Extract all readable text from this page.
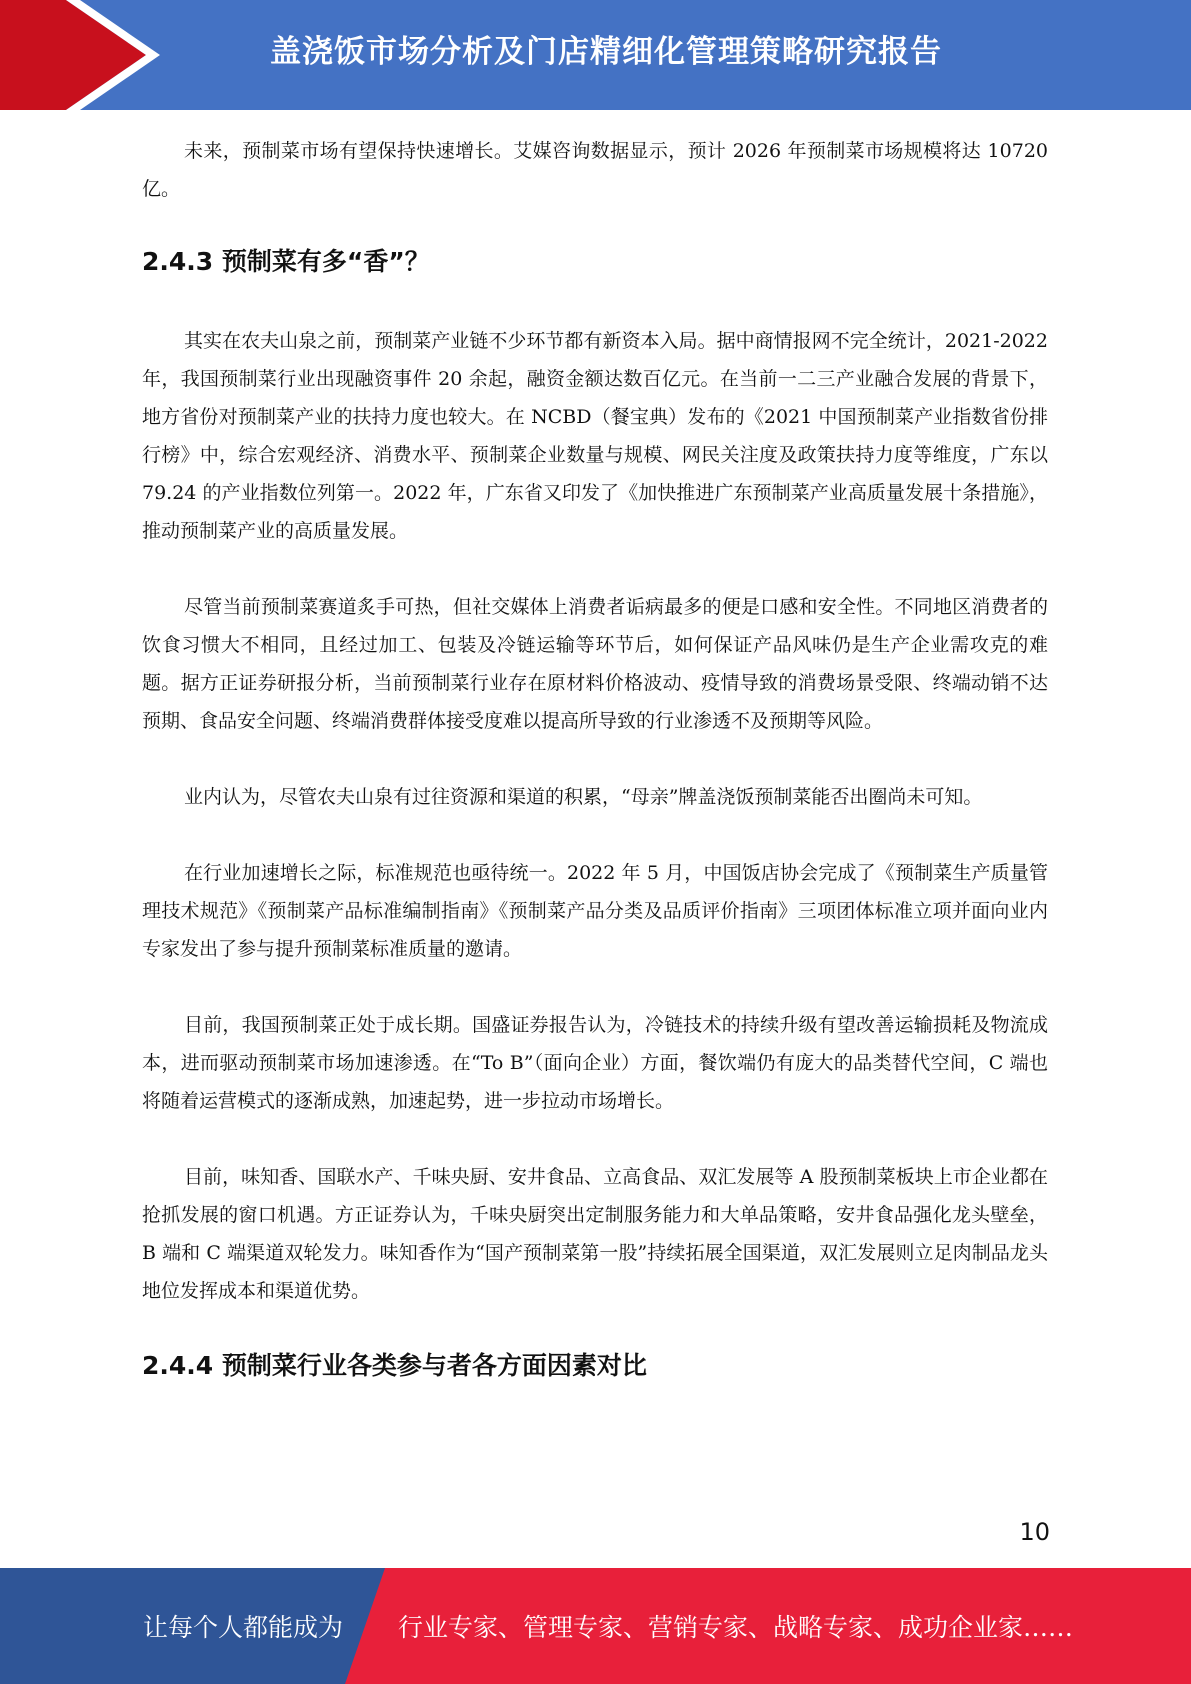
盖浇饭市场分析及门店精细化管理策略研究报告

未来，预制菜市场有望保持快速增长。艾媒咨询数据显示，预计 2026 年预制菜市场规模将达 10720 亿。

2.4.3 预制菜有多“香”？

其实在农夫山泉之前，预制菜产业链不少环节都有新资本入局。据中商情报网不完全统计，2021-2022 年，我国预制菜行业出现融资事件 20 余起，融资金额达数百亿元。在当前一二三产业融合发展的背景下，地方省份对预制菜产业的扶持力度也较大。在 NCBD（餐宝典）发布的《2021 中国预制菜产业指数省份排行榜》中，综合宏观经济、消费水平、预制菜企业数量与规模、网民关注度及政策扶持力度等维度，广东以 79.24 的产业指数位列第一。2022 年，广东省又印发了《加快推进广东预制菜产业高质量发展十条措施》，推动预制菜产业的高质量发展。

尽管当前预制菜赛道炙手可热，但社交媒体上消费者诟病最多的便是口感和安全性。不同地区消费者的饮食习惯大不相同，且经过加工、包装及冷链运输等环节后，如何保证产品风味仍是生产企业需攻克的难题。据方正证券研报分析，当前预制菜行业存在原材料价格波动、疫情导致的消费场景受限、终端动销不达预期、食品安全问题、终端消费群体接受度难以提高所导致的行业渗透不及预期等风险。

业内认为，尽管农夫山泉有过往资源和渠道的积累，“母亲”牌盖浇饭预制菜能否出圈尚未可知。

在行业加速增长之际，标准规范也亟待统一。2022 年 5 月，中国饭店协会完成了《预制菜生产质量管理技术规范》《预制菜产品标准编制指南》《预制菜产品分类及品质评价指南》三项团体标准立项并面向业内专家发出了参与提升预制菜标准质量的邀请。

目前，我国预制菜正处于成长期。国盛证券报告认为，冷链技术的持续升级有望改善运输损耗及物流成本，进而驱动预制菜市场加速渗透。在“To B”（面向企业）方面，餐饮端仍有庞大的品类替代空间，C 端也将随着运营模式的逐渐成熟，加速起势，进一步拉动市场增长。

目前，味知香、国联水产、千味央厨、安井食品、立高食品、双汇发展等 A 股预制菜板块上市企业都在抢抓发展的窗口机遇。方正证券认为，千味央厨突出定制服务能力和大单品策略，安井食品强化龙头壁垒，B 端和 C 端渠道双轮发力。味知香作为“国产预制菜第一股”持续拓展全国渠道，双汇发展则立足肉制品龙头地位发挥成本和渠道优势。

2.4.4 预制菜行业各类参与者各方面因素对比
10
让每个人都能成为 行业专家、管理专家、营销专家、战略专家、成功企业家……
